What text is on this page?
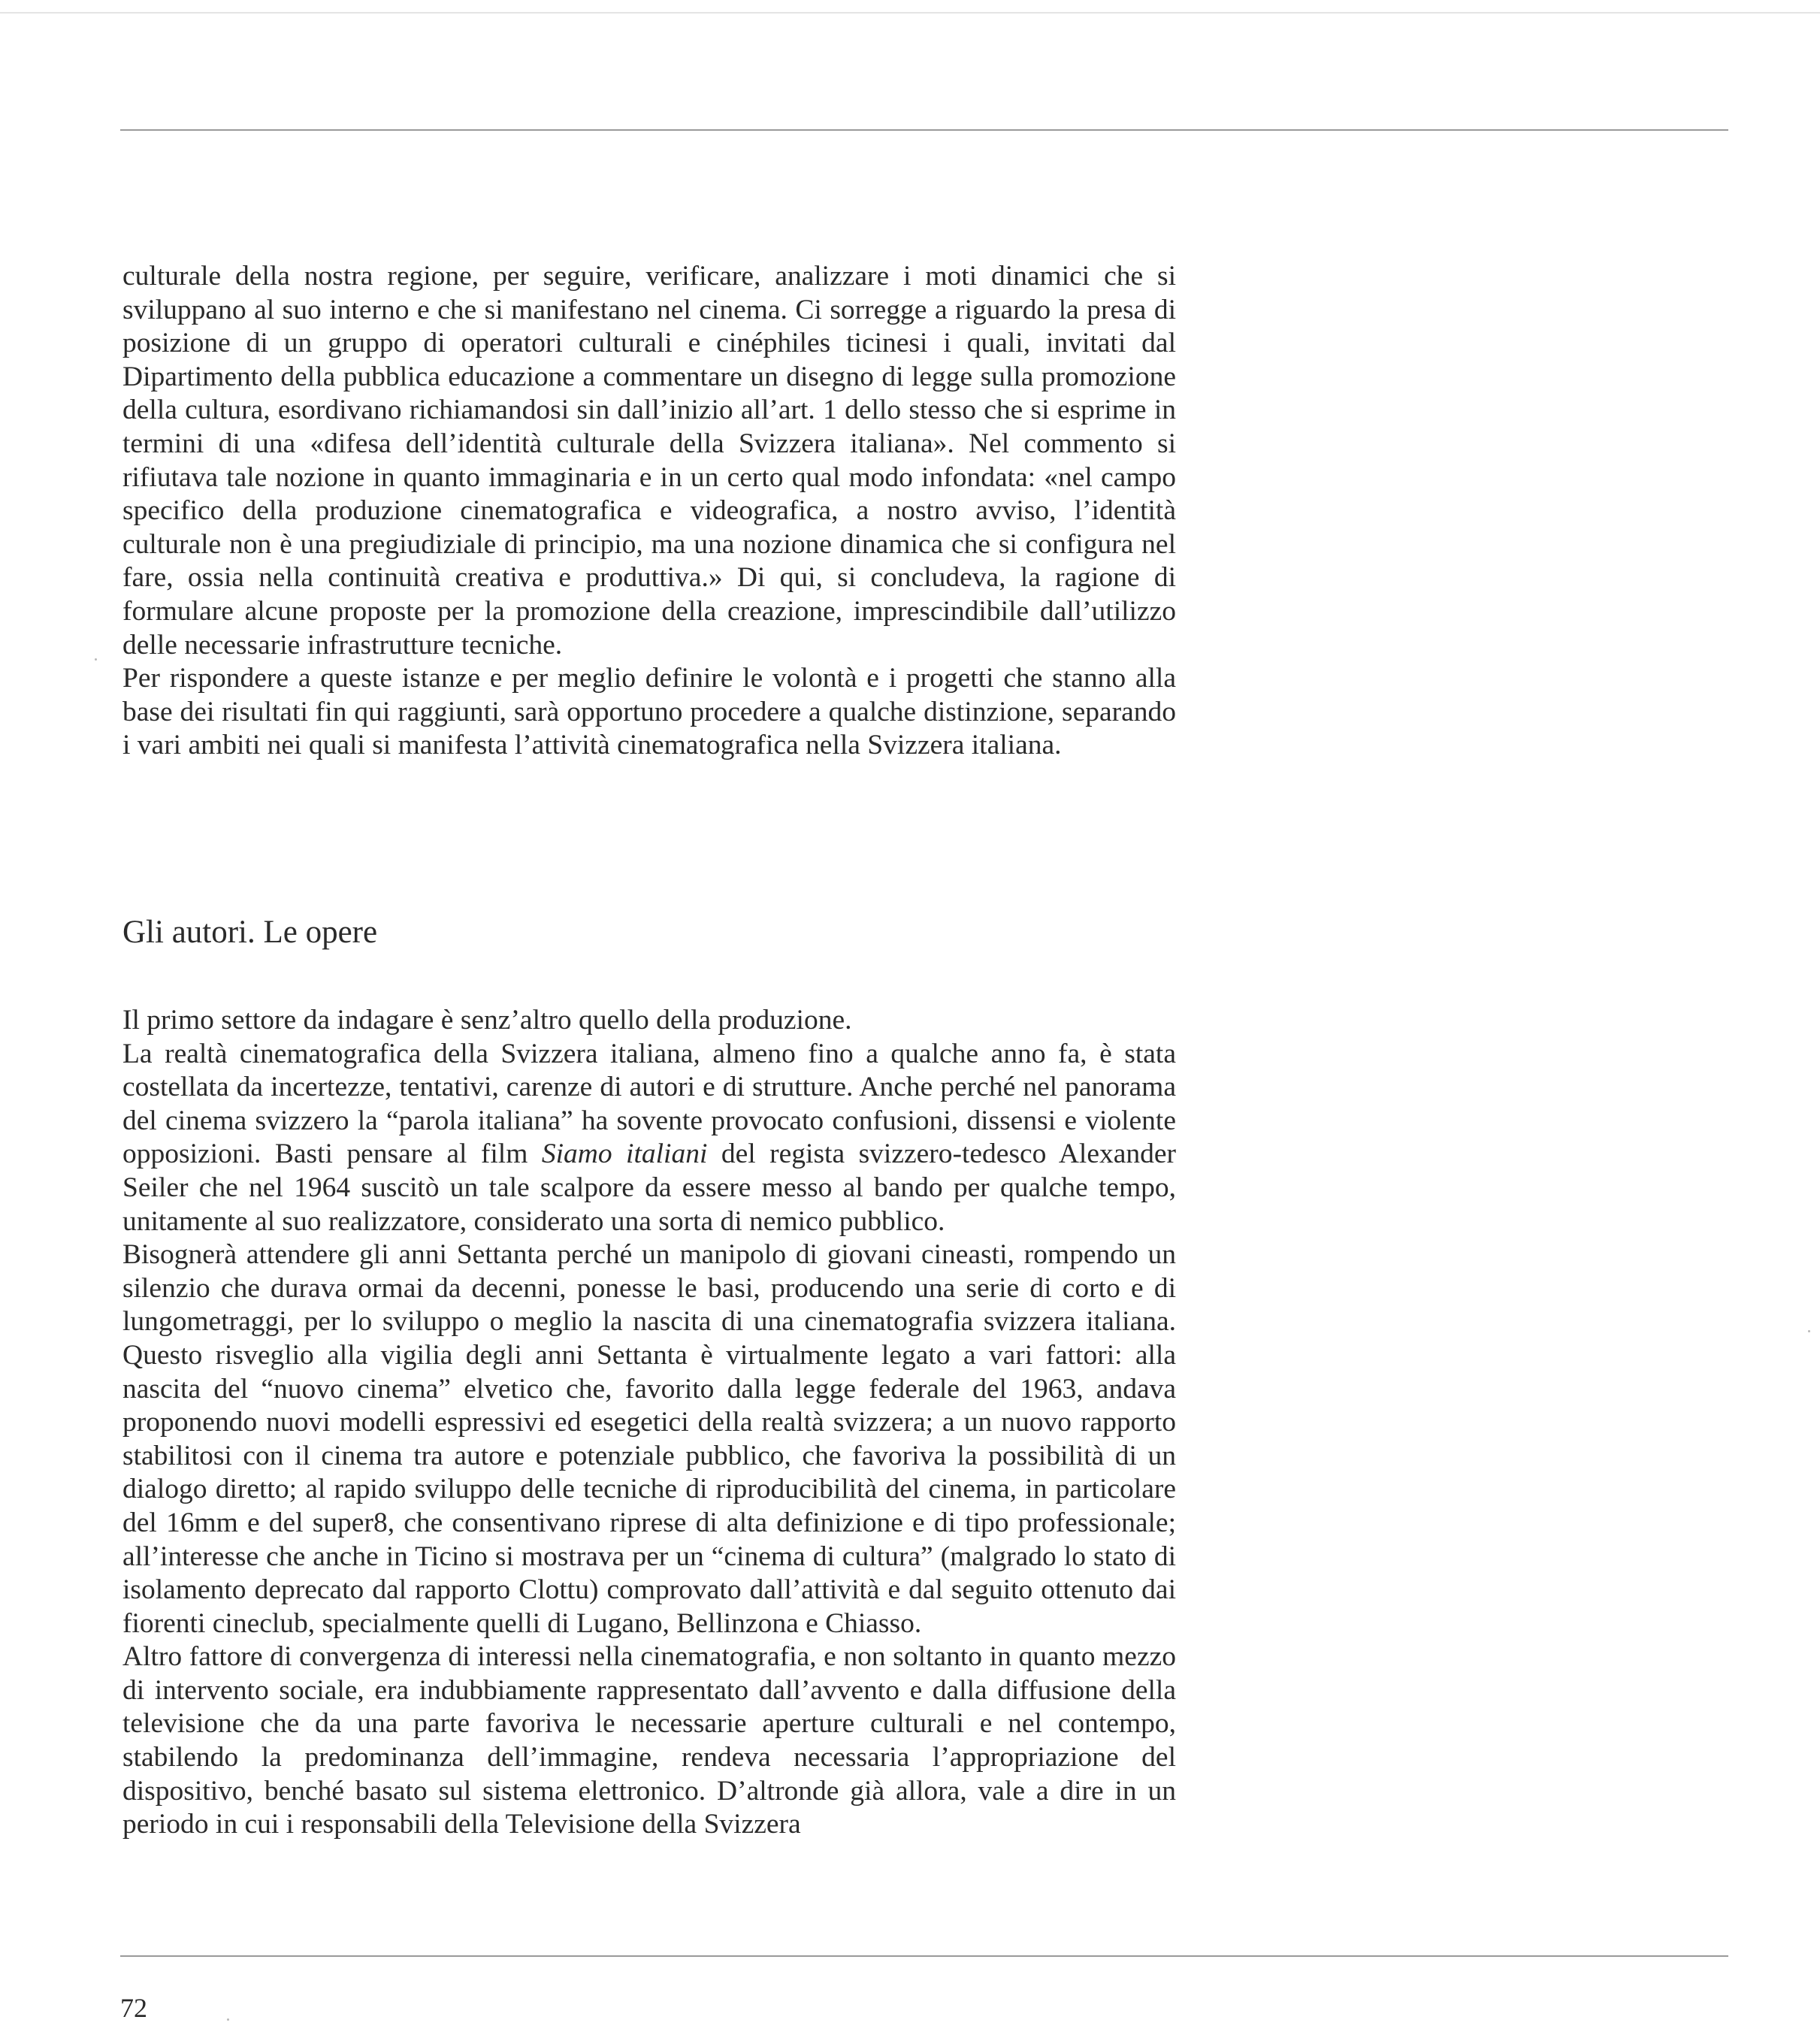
culturale della nostra regione, per seguire, verificare, analizzare i moti dinamici che si sviluppano al suo interno e che si manifestano nel cinema. Ci sorregge a riguardo la presa di posizione di un gruppo di operatori culturali e cinéphiles ticinesi i quali, invitati dal Dipartimento della pubblica educazione a commentare un disegno di legge sulla promozione della cultura, esordivano richiamandosi sin dall’inizio all’art. 1 dello stesso che si esprime in termini di una «difesa dell’identità culturale della Svizzera italiana». Nel commento si rifiutava tale nozione in quanto immaginaria e in un certo qual modo infondata: «nel campo specifico della produzione cinematografica e videografica, a nostro avviso, l’identità culturale non è una pregiudiziale di principio, ma una nozione dinamica che si configura nel fare, ossia nella continuità creativa e produttiva.» Di qui, si concludeva, la ragione di formulare alcune proposte per la promozione della creazione, imprescindibile dall’utilizzo delle necessarie infrastrutture tecniche.

Per rispondere a queste istanze e per meglio definire le volontà e i progetti che stanno alla base dei risultati fin qui raggiunti, sarà opportuno procedere a qualche distinzione, separando i vari ambiti nei quali si manifesta l’attività cinematografica nella Svizzera italiana.

Gli autori. Le opere

Il primo settore da indagare è senz’altro quello della produzione.

La realtà cinematografica della Svizzera italiana, almeno fino a qualche anno fa, è stata costellata da incertezze, tentativi, carenze di autori e di strutture. Anche perché nel panorama del cinema svizzero la “parola italiana” ha sovente provocato confusioni, dissensi e violente opposizioni. Basti pensare al film Siamo italiani del regista svizzero-tedesco Alexander Seiler che nel 1964 suscitò un tale scalpore da essere messo al bando per qualche tempo, unitamente al suo realizzatore, considerato una sorta di nemico pubblico.

Bisognerà attendere gli anni Settanta perché un manipolo di giovani cineasti, rompendo un silenzio che durava ormai da decenni, ponesse le basi, producendo una serie di corto e di lungometraggi, per lo sviluppo o meglio la nascita di una cinematografia svizzera italiana. Questo risveglio alla vigilia degli anni Settanta è virtualmente legato a vari fattori: alla nascita del “nuovo cinema” elvetico che, favorito dalla legge federale del 1963, andava proponendo nuovi modelli espressivi ed esegetici della realtà svizzera; a un nuovo rapporto stabilitosi con il cinema tra autore e potenziale pubblico, che favoriva la possibilità di un dialogo diretto; al rapido sviluppo delle tecniche di riproducibilità del cinema, in particolare del 16mm e del super8, che consentivano riprese di alta definizione e di tipo professionale; all’interesse che anche in Ticino si mostrava per un “cinema di cultura” (malgrado lo stato di isolamento deprecato dal rapporto Clottu) comprovato dall’attività e dal seguito ottenuto dai fiorenti cineclub, specialmente quelli di Lugano, Bellinzona e Chiasso.

Altro fattore di convergenza di interessi nella cinematografia, e non soltanto in quanto mezzo di intervento sociale, era indubbiamente rappresentato dall’avvento e dalla diffusione della televisione che da una parte favoriva le necessarie aperture culturali e nel contempo, stabilendo la predominanza dell’immagine, rendeva necessaria l’appropriazione del dispositivo, benché basato sul sistema elettronico. D’altronde già allora, vale a dire in un periodo in cui i responsabili della Televisione della Svizzera

72
